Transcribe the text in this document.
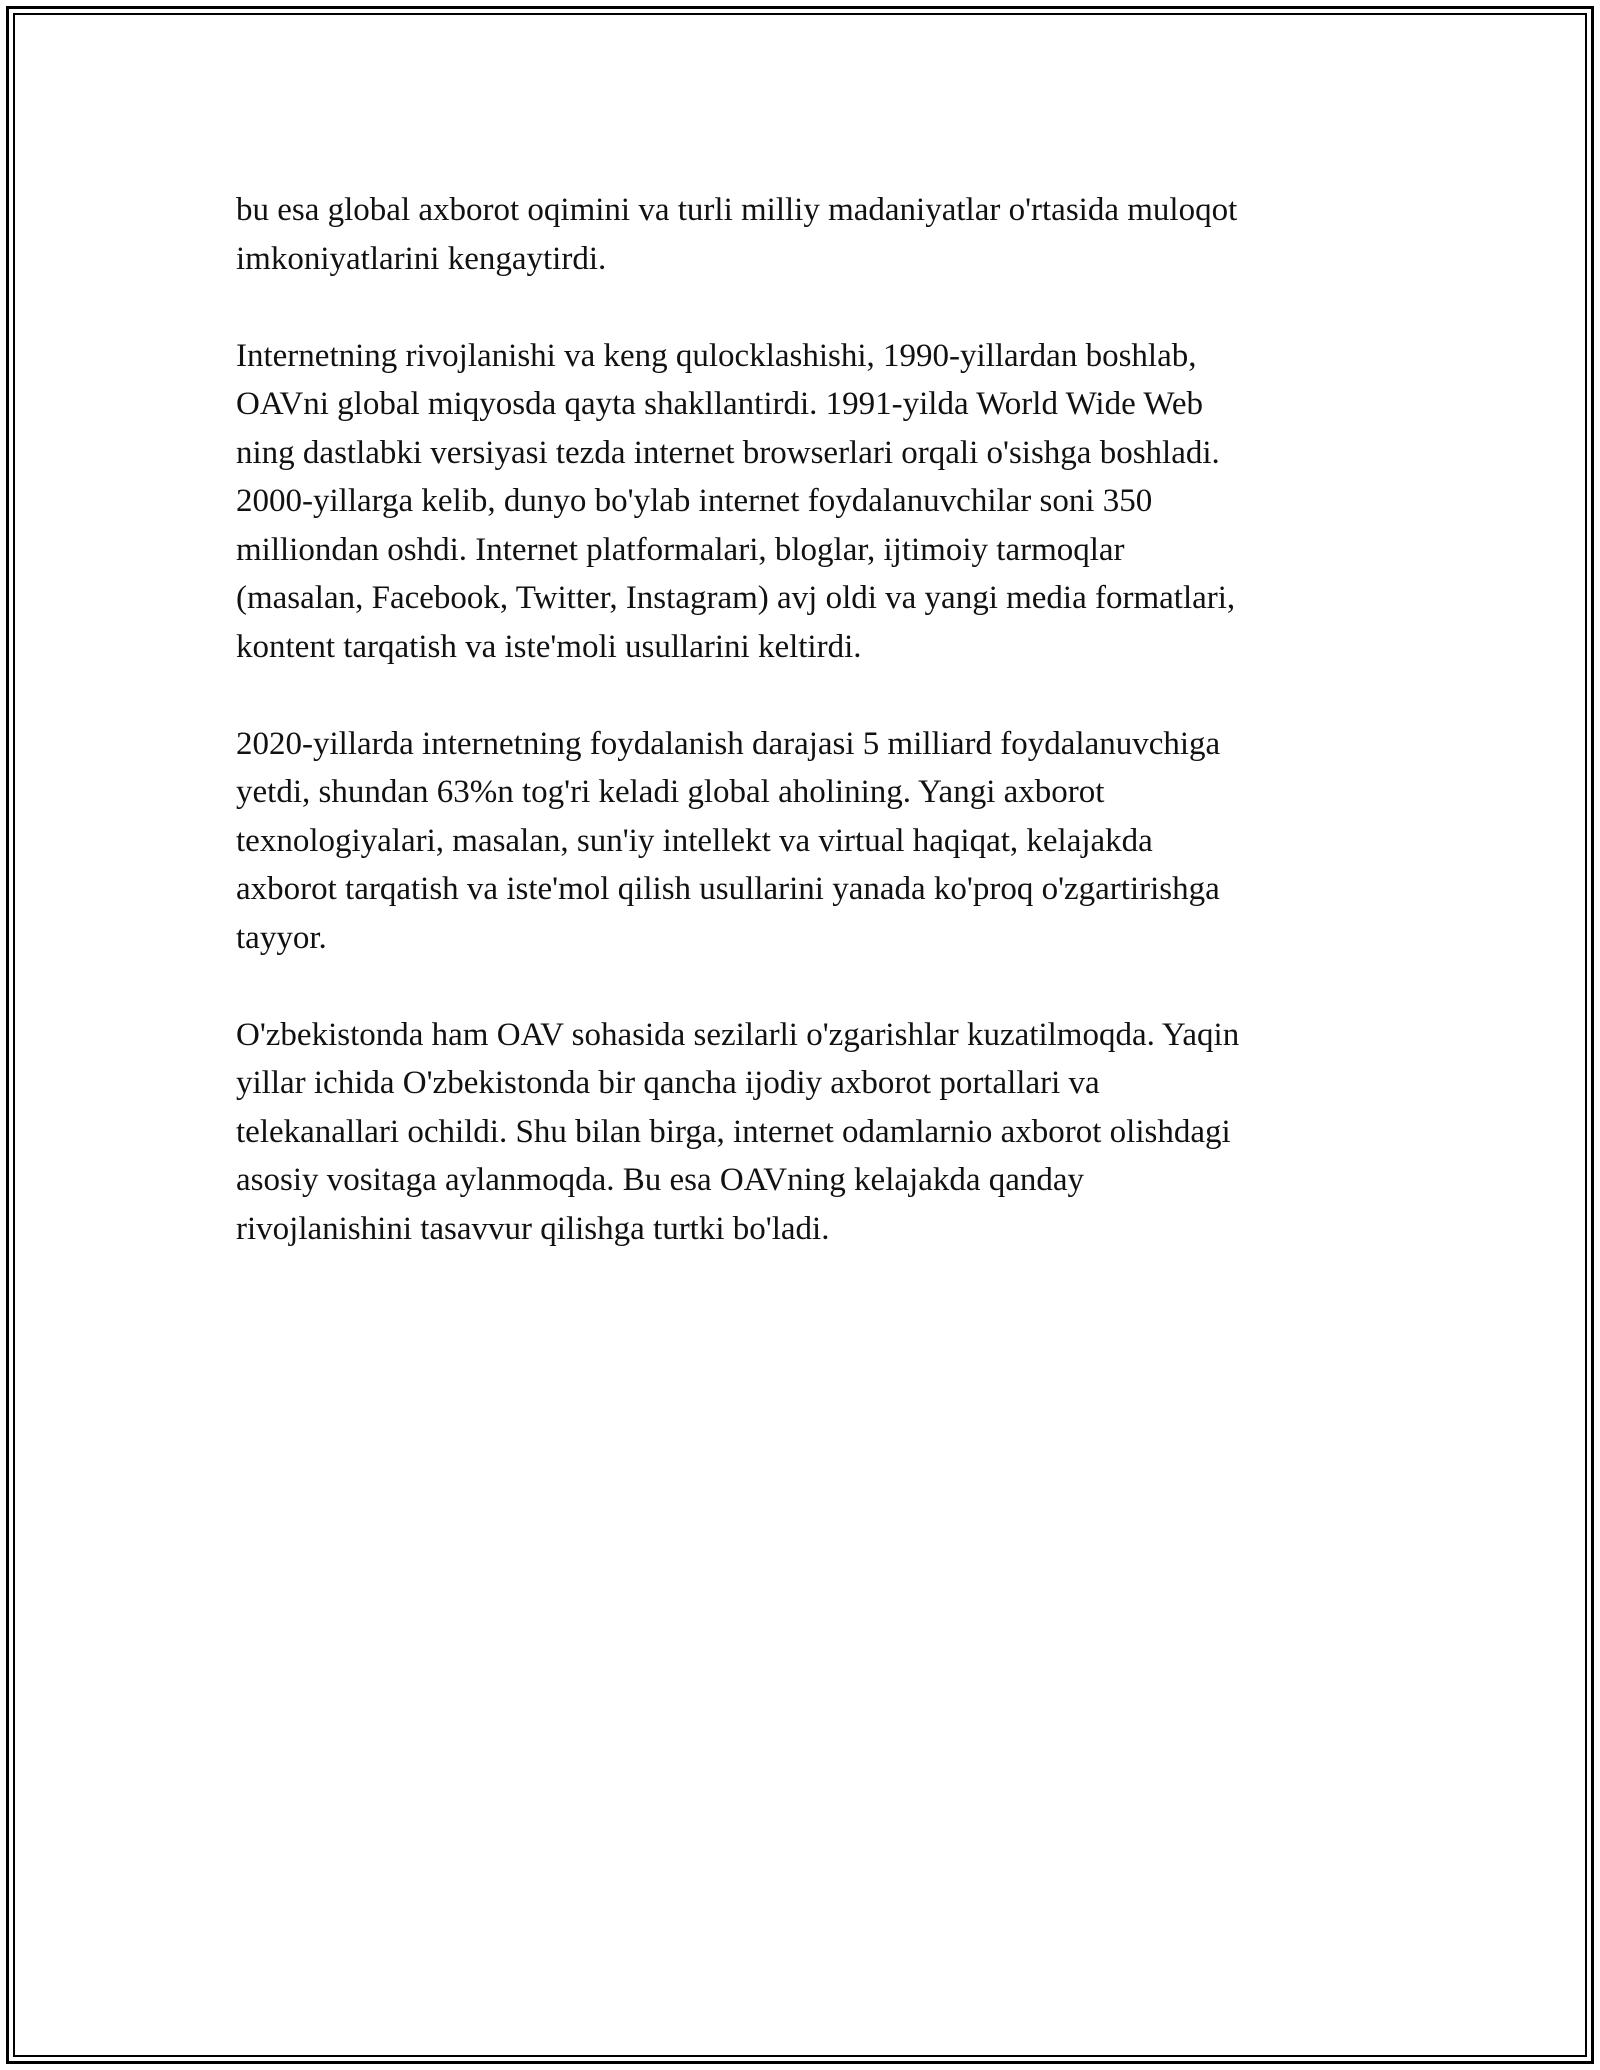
bu esa global axborot oqimini va turli milliy madaniyatlar o'rtasida muloqot
imkoniyatlarini kengaytirdi.

Internetning rivojlanishi va keng qulocklashishi, 1990-yillardan boshlab,
OAVni global miqyosda qayta shakllantirdi. 1991-yilda World Wide Web
ning dastlabki versiyasi tezda internet browserlari orqali o'sishga boshladi.
2000-yillarga kelib, dunyo bo'ylab internet foydalanuvchilar soni 350
milliondan oshdi. Internet platformalari, bloglar, ijtimoiy tarmoqlar
(masalan, Facebook, Twitter, Instagram) avj oldi va yangi media formatlari,
kontent tarqatish va iste'moli usullarini keltirdi.

2020-yillarda internetning foydalanish darajasi 5 milliard foydalanuvchiga
yetdi, shundan 63%n tog'ri keladi global aholining. Yangi axborot
texnologiyalari, masalan, sun'iy intellekt va virtual haqiqat, kelajakda
axborot tarqatish va iste'mol qilish usullarini yanada ko'proq o'zgartirishga
tayyor.

O'zbekistonda ham OAV sohasida sezilarli o'zgarishlar kuzatilmoqda. Yaqin
yillar ichida O'zbekistonda bir qancha ijodiy axborot portallari va
telekanallari ochildi. Shu bilan birga, internet odamlarnio axborot olishdagi
asosiy vositaga aylanmoqda. Bu esa OAVning kelajakda qanday
rivojlanishini tasavvur qilishga turtki bo'ladi.
